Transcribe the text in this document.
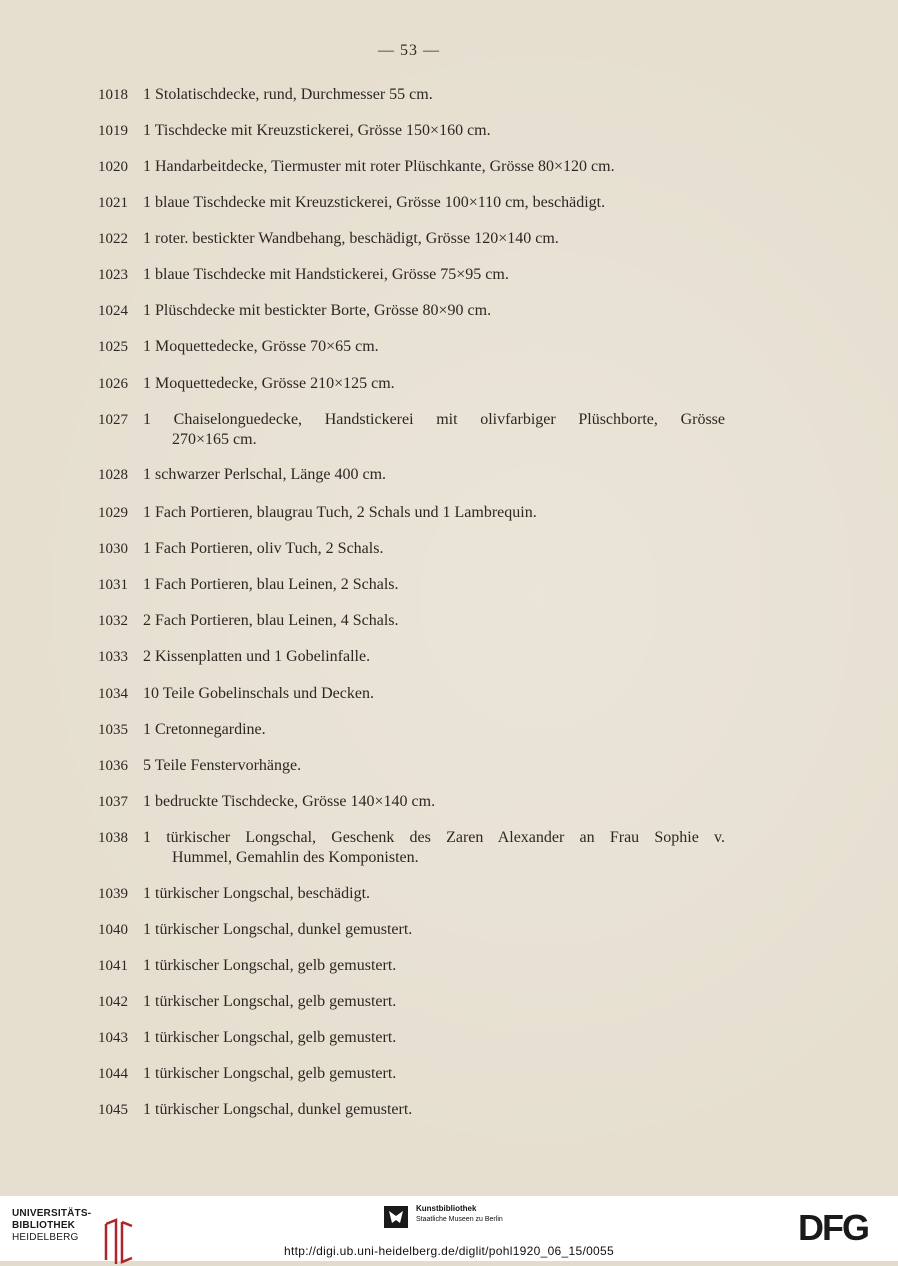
— 53 —
1018 1 Stolatischdecke, rund, Durchmesser 55 cm.
1019 1 Tischdecke mit Kreuzstickerei, Grösse 150×160 cm.
1020 1 Handarbeitdecke, Tiermuster mit roter Plüschkante, Grösse 80×120 cm.
1021 1 blaue Tischdecke mit Kreuzstickerei, Grösse 100×110 cm, beschädigt.
1022 1 roter. bestickter Wandbehang, beschädigt, Grösse 120×140 cm.
1023 1 blaue Tischdecke mit Handstickerei, Grösse 75×95 cm.
1024 1 Plüschdecke mit bestickter Borte, Grösse 80×90 cm.
1025 1 Moquettedecke, Grösse 70×65 cm.
1026 1 Moquettedecke, Grösse 210×125 cm.
1027 1 Chaiselonguedecke, Handstickerei mit olivfarbiger Plüschborte, Grösse
270×165 cm.
1028 1 schwarzer Perlschal, Länge 400 cm.
1029 1 Fach Portieren, blaugrau Tuch, 2 Schals und 1 Lambrequin.
1030 1 Fach Portieren, oliv Tuch, 2 Schals.
1031 1 Fach Portieren, blau Leinen, 2 Schals.
1032 2 Fach Portieren, blau Leinen, 4 Schals.
1033 2 Kissenplatten und 1 Gobelinfalle.
1034 10 Teile Gobelinschals und Decken.
1035 1 Cretonnegardine.
1036 5 Teile Fenstervorhänge.
1037 1 bedruckte Tischdecke, Grösse 140×140 cm.
1038 1 türkischer Longschal, Geschenk des Zaren Alexander an Frau Sophie v.
Hummel, Gemahlin des Komponisten.
1039 1 türkischer Longschal, beschädigt.
1040 1 türkischer Longschal, dunkel gemustert.
1041 1 türkischer Longschal, gelb gemustert.
1042 1 türkischer Longschal, gelb gemustert.
1043 1 türkischer Longschal, gelb gemustert.
1044 1 türkischer Longschal, gelb gemustert.
1045 1 türkischer Longschal, dunkel gemustert.
UNIVERSITÄTS-
BIBLIOTHEK
HEIDELBERG
Kunstbibliothek
Staatliche Museen zu Berlin	DFG
http://digi.ub.uni-heidelberg.de/diglit/pohl1920_06_15/0055
